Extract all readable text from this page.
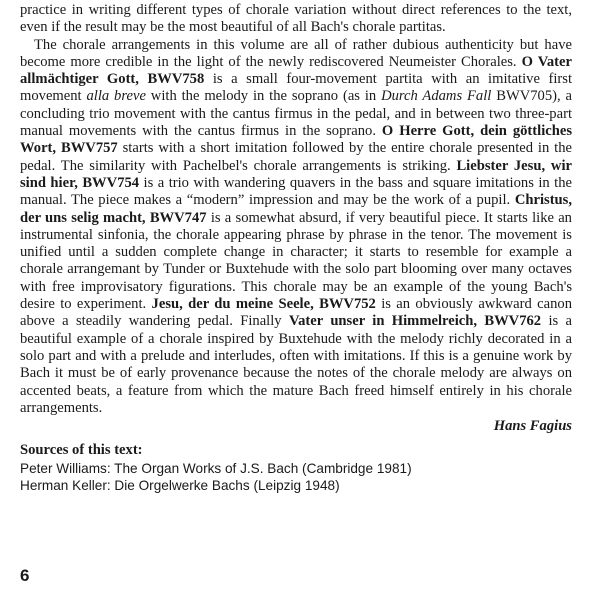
practice in writing different types of chorale variation without direct references to the text, even if the result may be the most beautiful of all Bach's chorale partitas.

The chorale arrangements in this volume are all of rather dubious authenticity but have become more credible in the light of the newly rediscovered Neumeister Chorales. O Vater allmächtiger Gott, BWV758 is a small four-movement partita with an imitative first movement alla breve with the melody in the soprano (as in Durch Adams Fall BWV705), a concluding trio movement with the cantus firmus in the pedal, and in between two three-part manual movements with the cantus firmus in the soprano. O Herre Gott, dein göttliches Wort, BWV757 starts with a short imitation followed by the entire chorale presented in the pedal. The similarity with Pachelbel's chorale arrangements is striking. Liebster Jesu, wir sind hier, BWV754 is a trio with wandering quavers in the bass and square imitations in the manual. The piece makes a “modern” impression and may be the work of a pupil. Christus, der uns selig macht, BWV747 is a somewhat absurd, if very beautiful piece. It starts like an instrumental sinfonia, the chorale appearing phrase by phrase in the tenor. The movement is unified until a sudden complete change in character; it starts to resemble for example a chorale arrangemant by Tunder or Buxtehude with the solo part blooming over many octaves with free improvisatory figurations. This chorale may be an example of the young Bach's desire to experiment. Jesu, der du meine Seele, BWV752 is an obviously awkward canon above a steadily wandering pedal. Finally Vater unser in Himmelreich, BWV762 is a beautiful example of a chorale inspired by Buxtehude with the melody richly decorated in a solo part and with a prelude and interludes, often with imitations. If this is a genuine work by Bach it must be of early provenance because the notes of the chorale melody are always on accented beats, a feature from which the mature Bach freed himself entirely in his chorale arrangements.

Hans Fagius
Sources of this text:
Peter Williams: The Organ Works of J.S. Bach (Cambridge 1981)
Herman Keller: Die Orgelwerke Bachs (Leipzig 1948)
6
